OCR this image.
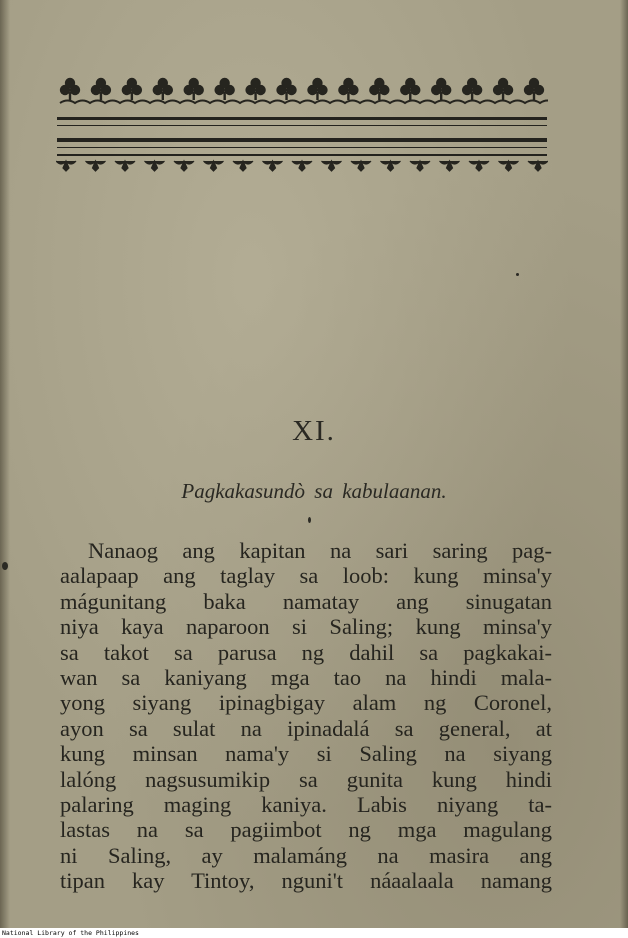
XI.
Pagkakasundò sa kabulaanan.
Nanaog ang kapitan na sari saring pag-
aalapaap ang taglay sa loob: kung minsa'y
mágunitang baka namatay ang sinugatan
niya kaya naparoon si Saling; kung minsa'y
sa takot sa parusa ng dahil sa pagkakai-
wan sa kaniyang mga tao na hindi mala-
yong siyang ipinagbigay alam ng Coronel,
ayon sa sulat na ipinadalá sa general, at
kung minsan nama'y si Saling na siyang
lalóng nagsusumikip sa gunita kung hindi
palaring maging kaniya. Labis niyang ta-
lastas na sa pagiimbot ng mga magulang
ni Saling, ay malamáng na masira ang
tipan kay Tintoy, nguni't náaalaala namang
National Library of the Philippines
